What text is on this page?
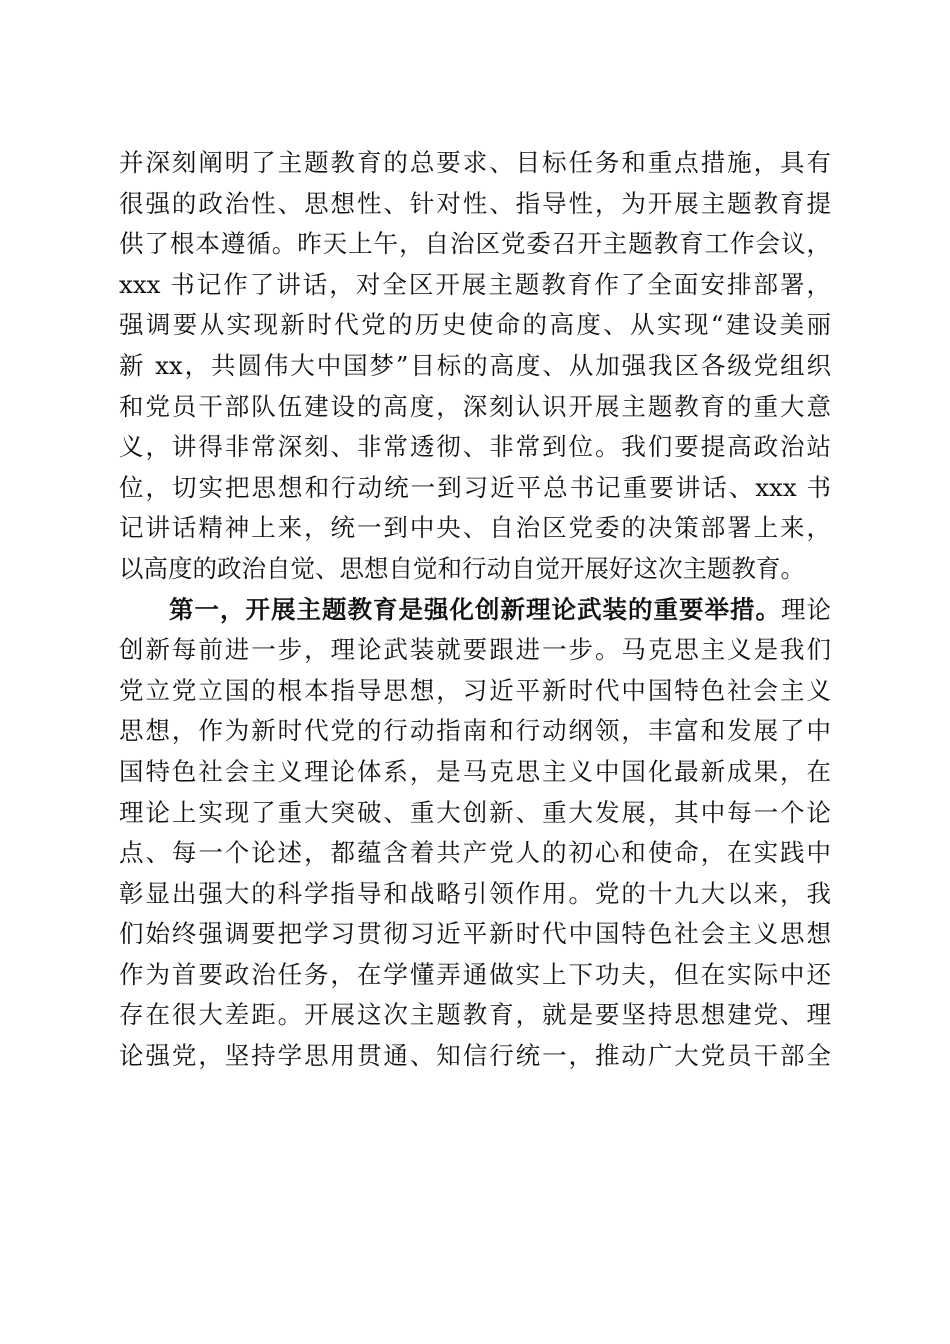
并深刻阐明了主题教育的总要求、目标任务和重点措施，具有
很强的政治性、思想性、针对性、指导性，为开展主题教育提
供了根本遵循。昨天上午，自治区党委召开主题教育工作会议，
xxx 书记作了讲话，对全区开展主题教育作了全面安排部署，
强调要从实现新时代党的历史使命的高度、从实现“建设美丽
新 xx，共圆伟大中国梦”目标的高度、从加强我区各级党组织
和党员干部队伍建设的高度，深刻认识开展主题教育的重大意
义，讲得非常深刻、非常透彻、非常到位。我们要提高政治站
位，切实把思想和行动统一到习近平总书记重要讲话、xxx 书
记讲话精神上来，统一到中央、自治区党委的决策部署上来，
以高度的政治自觉、思想自觉和行动自觉开展好这次主题教育。
第一，开展主题教育是强化创新理论武装的重要举措。理论
创新每前进一步，理论武装就要跟进一步。马克思主义是我们
党立党立国的根本指导思想，习近平新时代中国特色社会主义
思想，作为新时代党的行动指南和行动纲领，丰富和发展了中
国特色社会主义理论体系，是马克思主义中国化最新成果，在
理论上实现了重大突破、重大创新、重大发展，其中每一个论
点、每一个论述，都蕴含着共产党人的初心和使命，在实践中
彰显出强大的科学指导和战略引领作用。党的十九大以来，我
们始终强调要把学习贯彻习近平新时代中国特色社会主义思想
作为首要政治任务，在学懂弄通做实上下功夫，但在实际中还
存在很大差距。开展这次主题教育，就是要坚持思想建党、理
论强党，坚持学思用贯通、知信行统一，推动广大党员干部全
